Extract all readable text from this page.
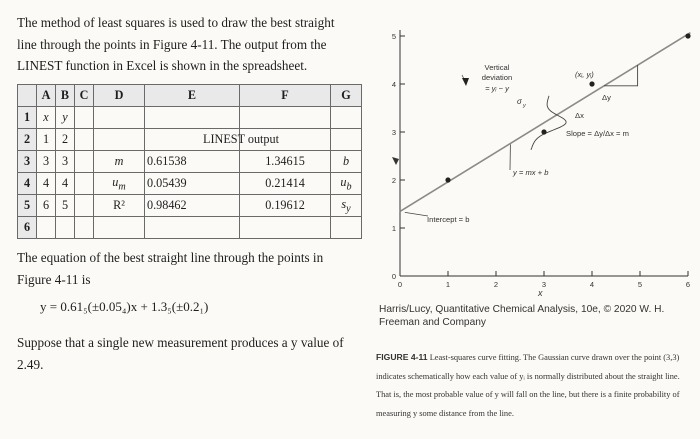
The method of least squares is used to draw the best straight line through the points in Figure 4-11. The output from the LINEST function in Excel is shown in the spreadsheet.
	A	B	C	D	E	F	G
1	x	y					
2	1	2			LINEST output		
3	3	3		m	0.61538	1.34615	b
4	4	4		$u_m$	0.05439	0.21414	$u_b$
5	6	5		R²	0.98462	0.19612	$s_y$
6							
The equation of the best straight line through the points in Figure 4-11 is
y = 0.61₅(±0.05₄)x + 1.3₅(±0.2₁)
Suppose that a single new measurement produces a y value of 2.49.
0
1
2
3
4
5
0	1	2	3	4	5	6
x
Vertical
deviation
= yᵢ − y
(xᵢ, yᵢ)
Δx
Δy
Slope = Δy/Δx = m
y = mx + b
Intercept = b
σ y
Harris/Lucy, Quantitative Chemical Analysis, 10e, © 2020 W. H. Freeman and Company
FIGURE 4-11 Least-squares curve fitting. The Gaussian curve drawn over the point (3,3) indicates schematically how each value of yᵢ is normally distributed about the straight line. That is, the most probable value of y will fall on the line, but there is a finite probability of measuring y some distance from the line.
